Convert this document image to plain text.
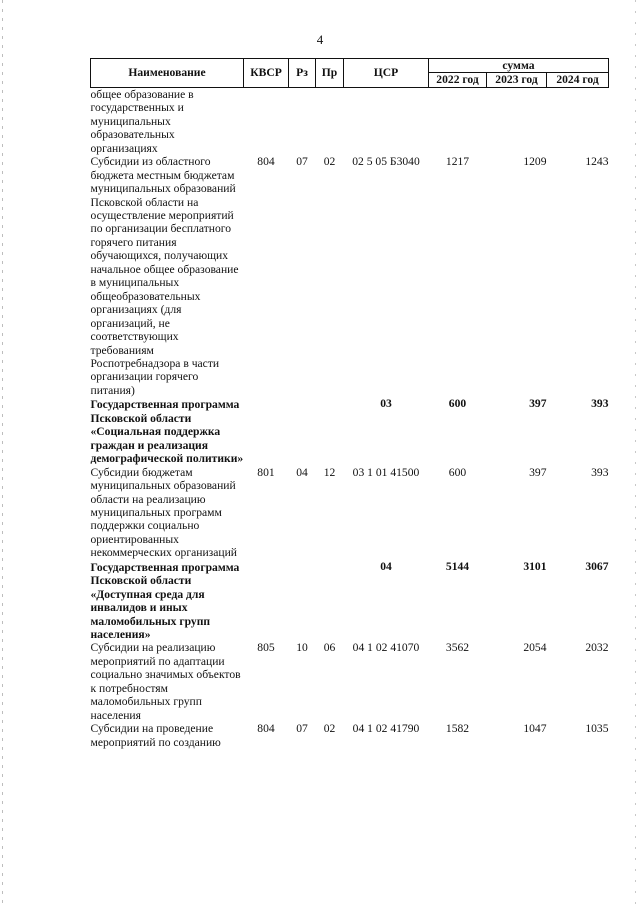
4
Наименование	КВСР	Рз	Пр	ЦСР	сумма		
					2022 год	2023 год	2024 год
общее образование в государственных и муниципальных образовательных организациях							
Субсидии из областного бюджета местным бюджетам муниципальных образований Псковской области на осуществление мероприятий по организации бесплатного горячего питания обучающихся, получающих начальное общее образование в муниципальных общеобразовательных организациях (для организаций, не соответствующих требованиям Роспотребнадзора в части организации горячего питания)	804	07	02	02 5 05 Б3040	1217	1209	1243
Государственная программа Псковской области «Социальная поддержка граждан и реализация демографической политики»				03	600	397	393
Субсидии бюджетам муниципальных образований области на реализацию муниципальных программ поддержки социально ориентированных некоммерческих организаций	801	04	12	03 1 01 41500	600	397	393
Государственная программа Псковской области «Доступная среда для инвалидов и иных маломобильных групп населения»				04	5144	3101	3067
Субсидии на реализацию мероприятий по адаптации социально значимых объектов к потребностям маломобильных групп населения	805	10	06	04 1 02 41070	3562	2054	2032
Субсидии на проведение мероприятий по созданию	804	07	02	04 1 02 41790	1582	1047	1035
